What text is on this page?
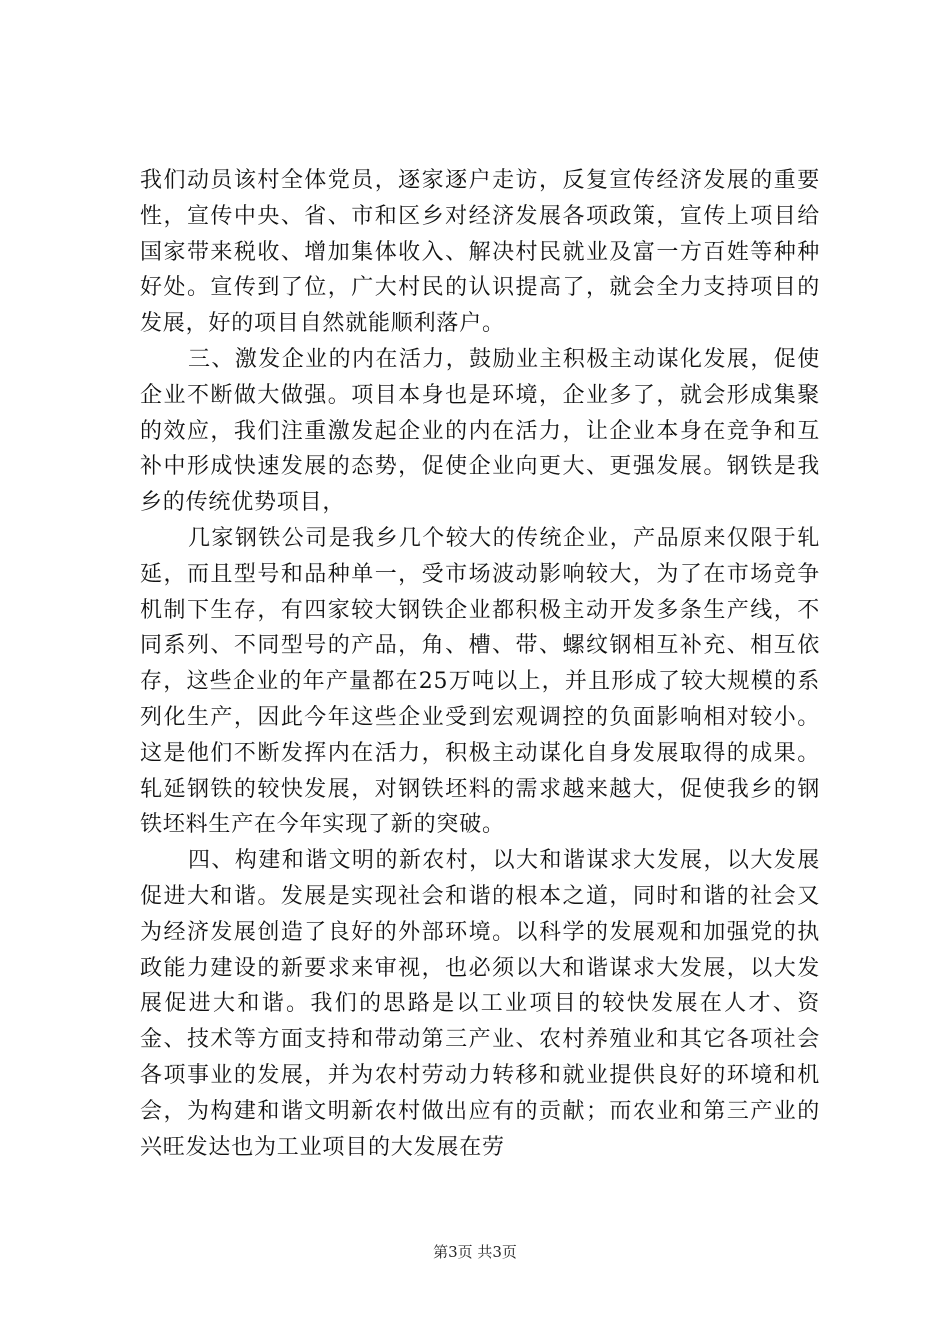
我们动员该村全体党员，逐家逐户走访，反复宣传经济发展的重要性，宣传中央、省、市和区乡对经济发展各项政策，宣传上项目给国家带来税收、增加集体收入、解决村民就业及富一方百姓等种种好处。宣传到了位，广大村民的认识提高了，就会全力支持项目的发展，好的项目自然就能顺利落户。

三、激发企业的内在活力，鼓励业主积极主动谋化发展，促使企业不断做大做强。项目本身也是环境，企业多了，就会形成集聚的效应，我们注重激发起企业的内在活力，让企业本身在竞争和互补中形成快速发展的态势，促使企业向更大、更强发展。钢铁是我乡的传统优势项目，

几家钢铁公司是我乡几个较大的传统企业，产品原来仅限于轧延，而且型号和品种单一，受市场波动影响较大，为了在市场竞争机制下生存，有四家较大钢铁企业都积极主动开发多条生产线，不同系列、不同型号的产品，角、槽、带、螺纹钢相互补充、相互依存，这些企业的年产量都在25万吨以上，并且形成了较大规模的系列化生产，因此今年这些企业受到宏观调控的负面影响相对较小。这是他们不断发挥内在活力，积极主动谋化自身发展取得的成果。轧延钢铁的较快发展，对钢铁坯料的需求越来越大，促使我乡的钢铁坯料生产在今年实现了新的突破。

四、构建和谐文明的新农村，以大和谐谋求大发展，以大发展促进大和谐。发展是实现社会和谐的根本之道，同时和谐的社会又为经济发展创造了良好的外部环境。以科学的发展观和加强党的执政能力建设的新要求来审视，也必须以大和谐谋求大发展，以大发展促进大和谐。我们的思路是以工业项目的较快发展在人才、资金、技术等方面支持和带动第三产业、农村养殖业和其它各项社会各项事业的发展，并为农村劳动力转移和就业提供良好的环境和机会，为构建和谐文明新农村做出应有的贡献；而农业和第三产业的兴旺发达也为工业项目的大发展在劳

第3页 共3页
